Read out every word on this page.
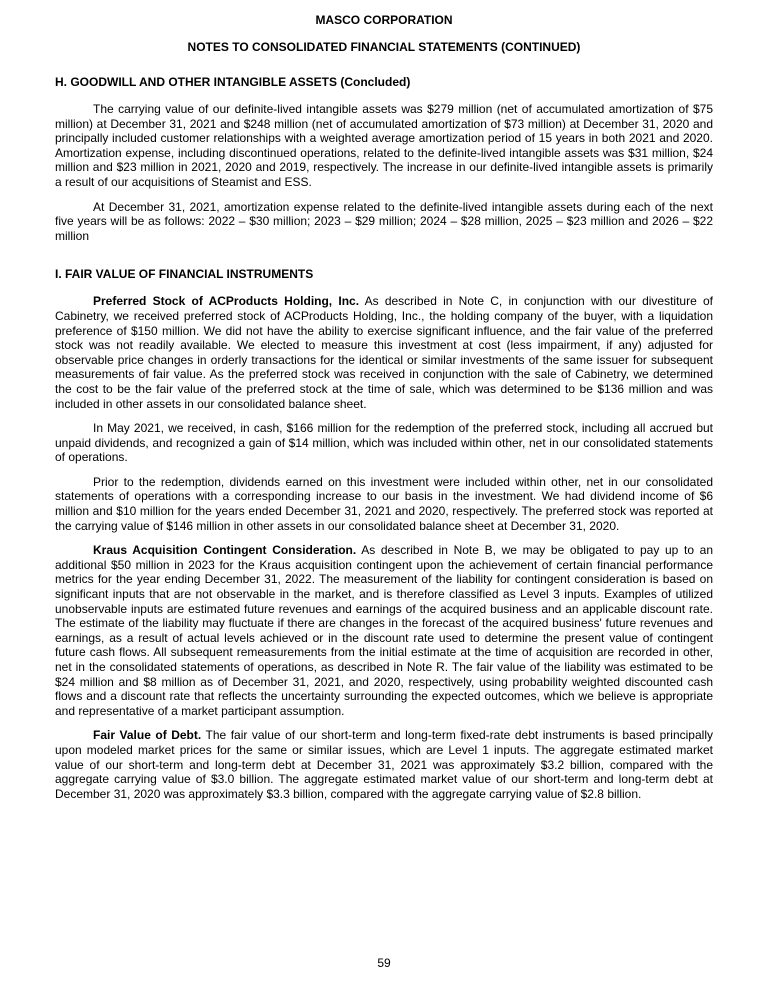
MASCO CORPORATION
NOTES TO CONSOLIDATED FINANCIAL STATEMENTS (CONTINUED)
H. GOODWILL AND OTHER INTANGIBLE ASSETS (Concluded)

The carrying value of our definite-lived intangible assets was $279 million (net of accumulated amortization of $75 million) at December 31, 2021 and $248 million (net of accumulated amortization of $73 million) at December 31, 2020 and principally included customer relationships with a weighted average amortization period of 15 years in both 2021 and 2020. Amortization expense, including discontinued operations, related to the definite-lived intangible assets was $31 million, $24 million and $23 million in 2021, 2020 and 2019, respectively. The increase in our definite-lived intangible assets is primarily a result of our acquisitions of Steamist and ESS.

At December 31, 2021, amortization expense related to the definite-lived intangible assets during each of the next five years will be as follows: 2022 – $30 million; 2023 – $29 million; 2024 – $28 million, 2025 – $23 million and 2026 – $22 million

I. FAIR VALUE OF FINANCIAL INSTRUMENTS

Preferred Stock of ACProducts Holding, Inc. As described in Note C, in conjunction with our divestiture of Cabinetry, we received preferred stock of ACProducts Holding, Inc., the holding company of the buyer, with a liquidation preference of $150 million. We did not have the ability to exercise significant influence, and the fair value of the preferred stock was not readily available. We elected to measure this investment at cost (less impairment, if any) adjusted for observable price changes in orderly transactions for the identical or similar investments of the same issuer for subsequent measurements of fair value. As the preferred stock was received in conjunction with the sale of Cabinetry, we determined the cost to be the fair value of the preferred stock at the time of sale, which was determined to be $136 million and was included in other assets in our consolidated balance sheet.

In May 2021, we received, in cash, $166 million for the redemption of the preferred stock, including all accrued but unpaid dividends, and recognized a gain of $14 million, which was included within other, net in our consolidated statements of operations.

Prior to the redemption, dividends earned on this investment were included within other, net in our consolidated statements of operations with a corresponding increase to our basis in the investment. We had dividend income of $6 million and $10 million for the years ended December 31, 2021 and 2020, respectively. The preferred stock was reported at the carrying value of $146 million in other assets in our consolidated balance sheet at December 31, 2020.

Kraus Acquisition Contingent Consideration. As described in Note B, we may be obligated to pay up to an additional $50 million in 2023 for the Kraus acquisition contingent upon the achievement of certain financial performance metrics for the year ending December 31, 2022. The measurement of the liability for contingent consideration is based on significant inputs that are not observable in the market, and is therefore classified as Level 3 inputs. Examples of utilized unobservable inputs are estimated future revenues and earnings of the acquired business and an applicable discount rate. The estimate of the liability may fluctuate if there are changes in the forecast of the acquired business' future revenues and earnings, as a result of actual levels achieved or in the discount rate used to determine the present value of contingent future cash flows. All subsequent remeasurements from the initial estimate at the time of acquisition are recorded in other, net in the consolidated statements of operations, as described in Note R. The fair value of the liability was estimated to be $24 million and $8 million as of December 31, 2021, and 2020, respectively, using probability weighted discounted cash flows and a discount rate that reflects the uncertainty surrounding the expected outcomes, which we believe is appropriate and representative of a market participant assumption.

Fair Value of Debt. The fair value of our short-term and long-term fixed-rate debt instruments is based principally upon modeled market prices for the same or similar issues, which are Level 1 inputs. The aggregate estimated market value of our short-term and long-term debt at December 31, 2021 was approximately $3.2 billion, compared with the aggregate carrying value of $3.0 billion. The aggregate estimated market value of our short-term and long-term debt at December 31, 2020 was approximately $3.3 billion, compared with the aggregate carrying value of $2.8 billion.

59
